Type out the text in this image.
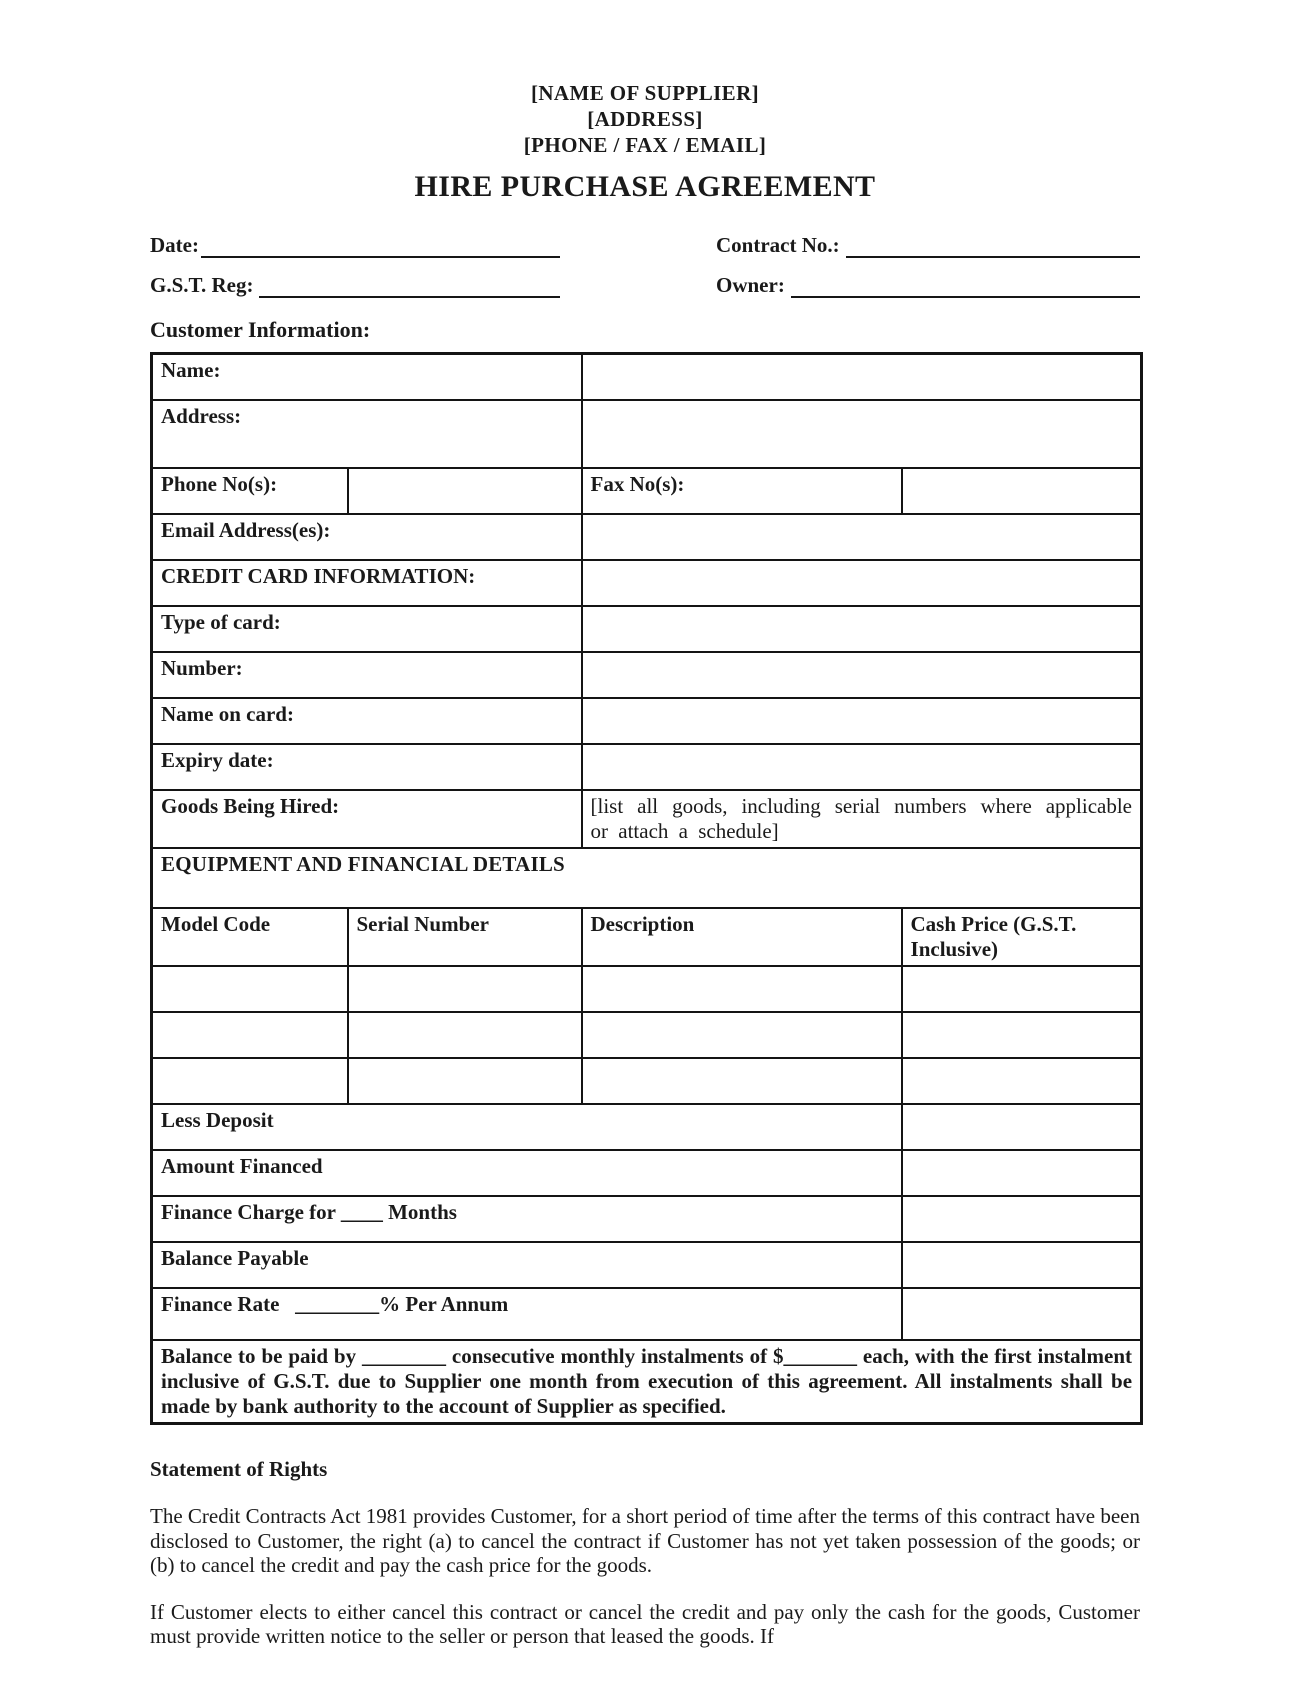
[NAME OF SUPPLIER]
[ADDRESS]
[PHONE / FAX / EMAIL]
HIRE PURCHASE AGREEMENT
Date:	Contract No.:
G.S.T. Reg:	Owner:
Customer Information:
Name:			
Address:			
Phone No(s):		Fax No(s):	
Email Address(es):			
CREDIT CARD INFORMATION:			
Type of card:			
Number:			
Name on card:			
Expiry date:			
Goods Being Hired:		[list all goods, including serial numbers where applicable or attach a schedule]	
EQUIPMENT AND FINANCIAL DETAILS			
Model Code	Serial Number	Description	Cash Price (G.S.T. Inclusive)

Less Deposit			
Amount Financed			
Finance Charge for ____ Months			
Balance Payable			
Finance Rate   ________% Per Annum			
Balance to be paid by ________ consecutive monthly instalments of $_______ each, with the first instalment inclusive of G.S.T. due to Supplier one month from execution of this agreement. All instalments shall be made by bank authority to the account of Supplier as specified.			
Statement of Rights
The Credit Contracts Act 1981 provides Customer, for a short period of time after the terms of this contract have been disclosed to Customer, the right (a) to cancel the contract if Customer has not yet taken possession of the goods; or (b) to cancel the credit and pay the cash price for the goods.
If Customer elects to either cancel this contract or cancel the credit and pay only the cash for the goods, Customer must provide written notice to the seller or person that leased the goods. If
